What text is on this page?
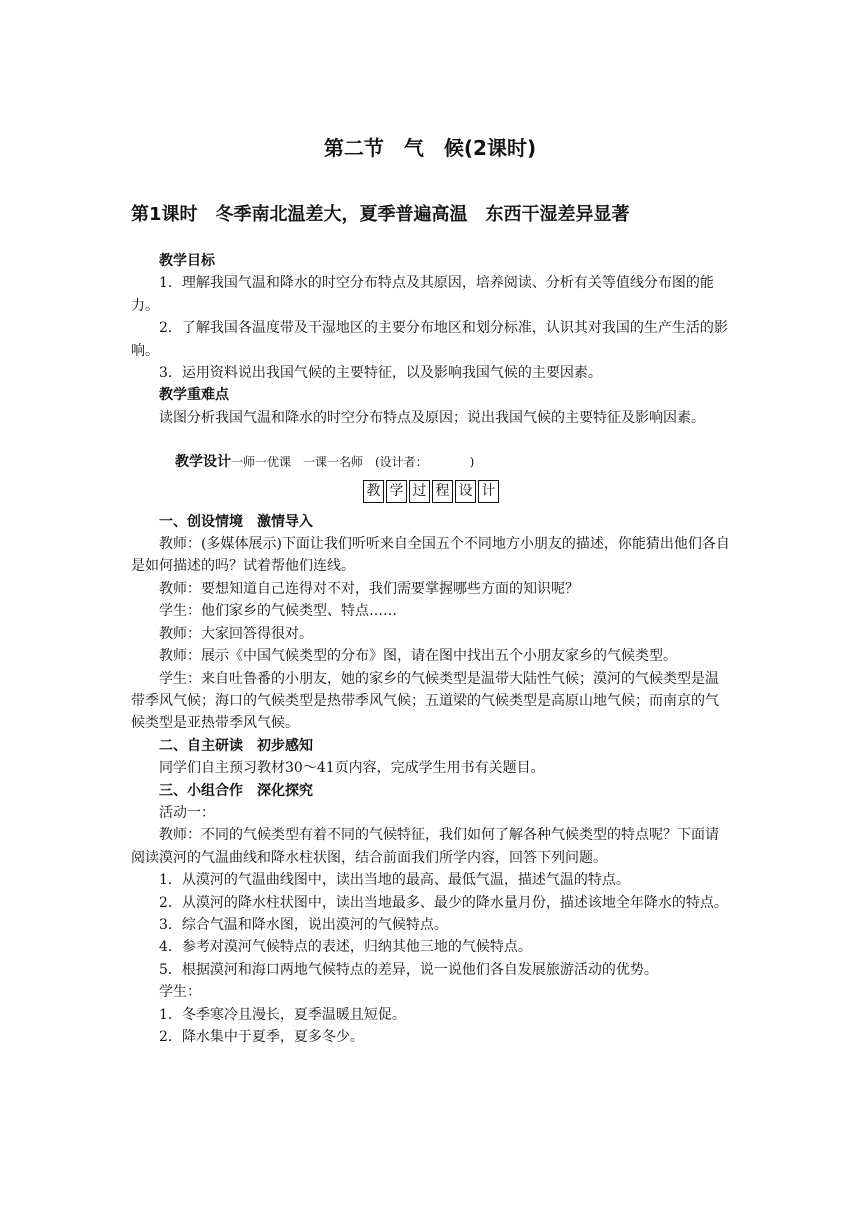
第二节　气　候(2课时)
第1课时　冬季南北温差大，夏季普遍高温　东西干湿差异显著

教学目标

1．理解我国气温和降水的时空分布特点及其原因，培养阅读、分析有关等值线分布图的能力。

2．了解我国各温度带及干湿地区的主要分布地区和划分标准，认识其对我国的生产生活的影响。

3．运用资料说出我国气候的主要特征，以及影响我国气候的主要因素。

教学重难点

读图分析我国气温和降水的时空分布特点及原因；说出我国气候的主要特征及影响因素。

教学设计一师一优课　一课一名师　(设计者：　　　　)
教 学 过 程 设 计

一、创设情境　激情导入

教师：(多媒体展示)下面让我们听听来自全国五个不同地方小朋友的描述，你能猜出他们各自是如何描述的吗？试着帮他们连线。

教师：要想知道自己连得对不对，我们需要掌握哪些方面的知识呢？

学生：他们家乡的气候类型、特点……

教师：大家回答得很对。

教师：展示《中国气候类型的分布》图，请在图中找出五个小朋友家乡的气候类型。

学生：来自吐鲁番的小朋友，她的家乡的气候类型是温带大陆性气候；漠河的气候类型是温带季风气候；海口的气候类型是热带季风气候；五道梁的气候类型是高原山地气候；而南京的气候类型是亚热带季风气候。

二、自主研读　初步感知

同学们自主预习教材30～41页内容，完成学生用书有关题目。

三、小组合作　深化探究

活动一：

教师：不同的气候类型有着不同的气候特征，我们如何了解各种气候类型的特点呢？下面请阅读漠河的气温曲线和降水柱状图，结合前面我们所学内容，回答下列问题。

1．从漠河的气温曲线图中，读出当地的最高、最低气温，描述气温的特点。

2．从漠河的降水柱状图中，读出当地最多、最少的降水量月份，描述该地全年降水的特点。

3．综合气温和降水图，说出漠河的气候特点。

4．参考对漠河气候特点的表述，归纳其他三地的气候特点。

5．根据漠河和海口两地气候特点的差异，说一说他们各自发展旅游活动的优势。

学生：

1．冬季寒冷且漫长，夏季温暖且短促。

2．降水集中于夏季，夏多冬少。
